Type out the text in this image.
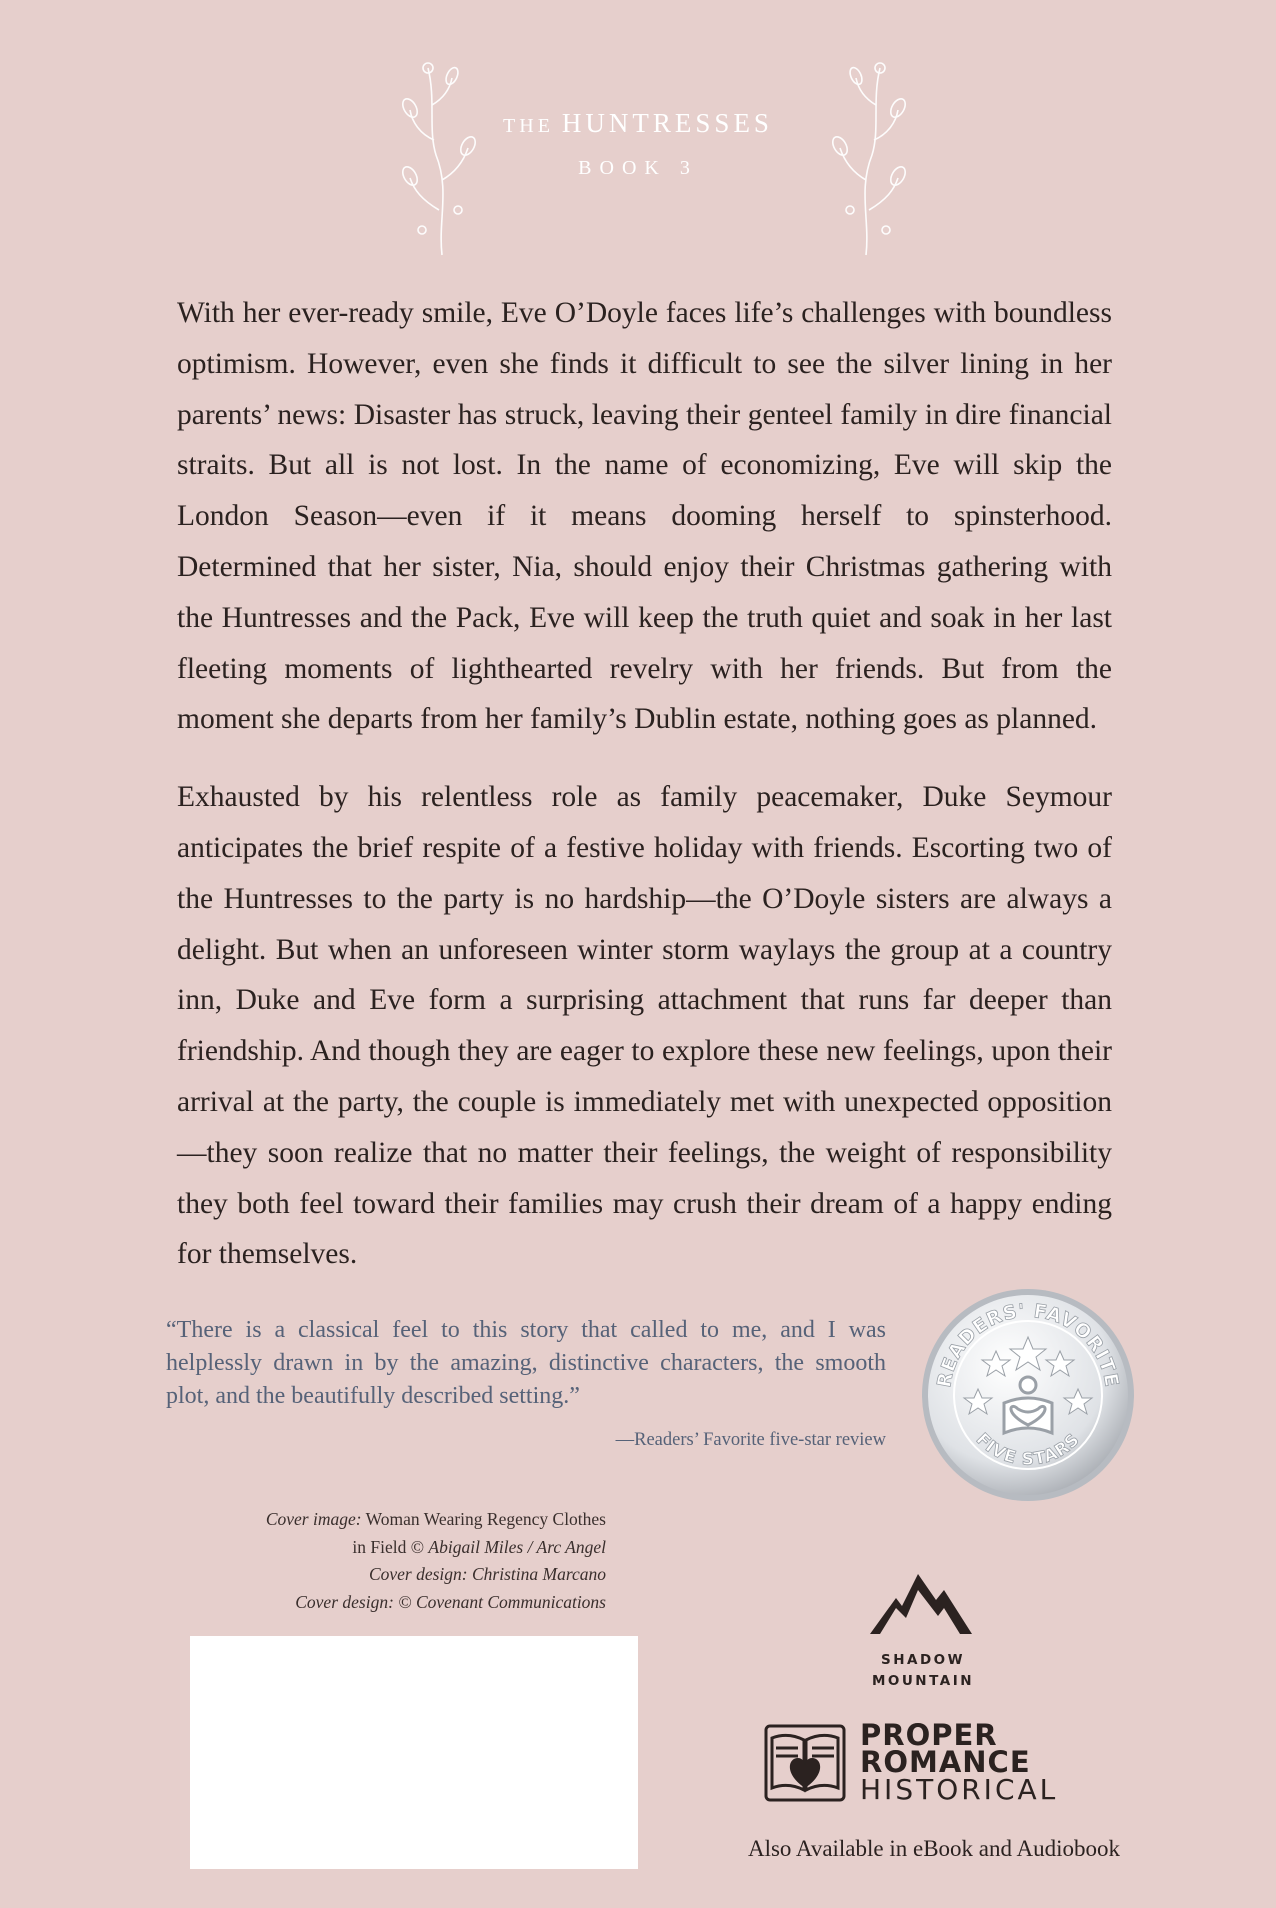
THE HUNTRESSES
BOOK 3

With her ever-ready smile, Eve O’Doyle faces life’s challenges with boundless optimism. However, even she finds it difficult to see the silver lining in her parents’ news: Disaster has struck, leaving their genteel family in dire financial straits. But all is not lost. In the name of economizing, Eve will skip the London Season—even if it means dooming herself to spinsterhood. Determined that her sister, Nia, should enjoy their Christmas gathering with the Huntresses and the Pack, Eve will keep the truth quiet and soak in her last fleeting moments of lighthearted revelry with her friends. But from the moment she departs from her family’s Dublin estate, nothing goes as planned.

Exhausted by his relentless role as family peacemaker, Duke Seymour anticipates the brief respite of a festive holiday with friends. Escorting two of the Huntresses to the party is no hardship—the O’Doyle sisters are always a delight. But when an unforeseen winter storm waylays the group at a country inn, Duke and Eve form a surprising attachment that runs far deeper than friendship. And though they are eager to explore these new feelings, upon their arrival at the party, the couple is immediately met with unexpected opposition—they soon realize that no matter their feelings, the weight of responsibility they both feel toward their families may crush their dream of a happy ending for themselves.

“There is a classical feel to this story that called to me, and I was helplessly drawn in by the amazing, distinctive characters, the smooth plot, and the beautifully described setting.”
—Readers’ Favorite five-star review
READERS' FAVORITE
FIVE STARS
Cover image: Woman Wearing Regency Clothes
in Field © Abigail Miles / Arc Angel
Cover design: Christina Marcano
Cover design: © Covenant Communications
SHADOW
MOUNTAIN
PROPER
ROMANCE
HISTORICAL
Also Available in eBook and Audiobook
